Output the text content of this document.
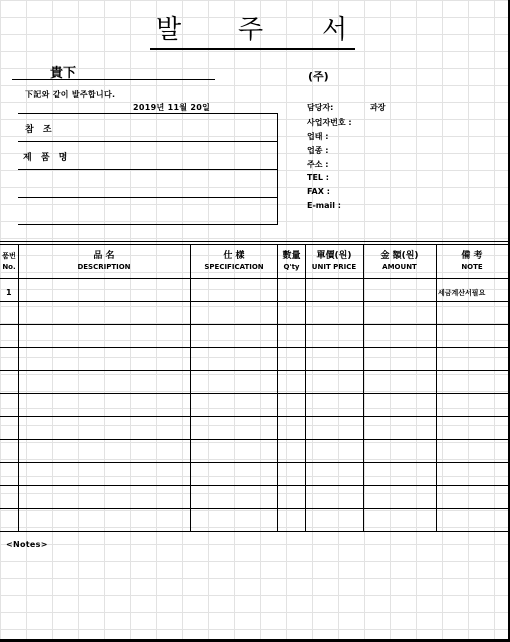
발 주 서
貴下
下記와 같이 발주합니다.
2019년 11월 20일
참 조
제 품 명
(주)
담당자:	과장
사업자번호 :
업태 :
업종 :
주소 :
TEL :
FAX :
E-mail :
품번
No.
品 名
DESCRIPTION
仕 樣
SPECIFICATION
數量
Q'ty
單價(원)
UNIT PRICE
金 額(원)
AMOUNT
備 考
NOTE
1	세금계산서필요
<Notes>
